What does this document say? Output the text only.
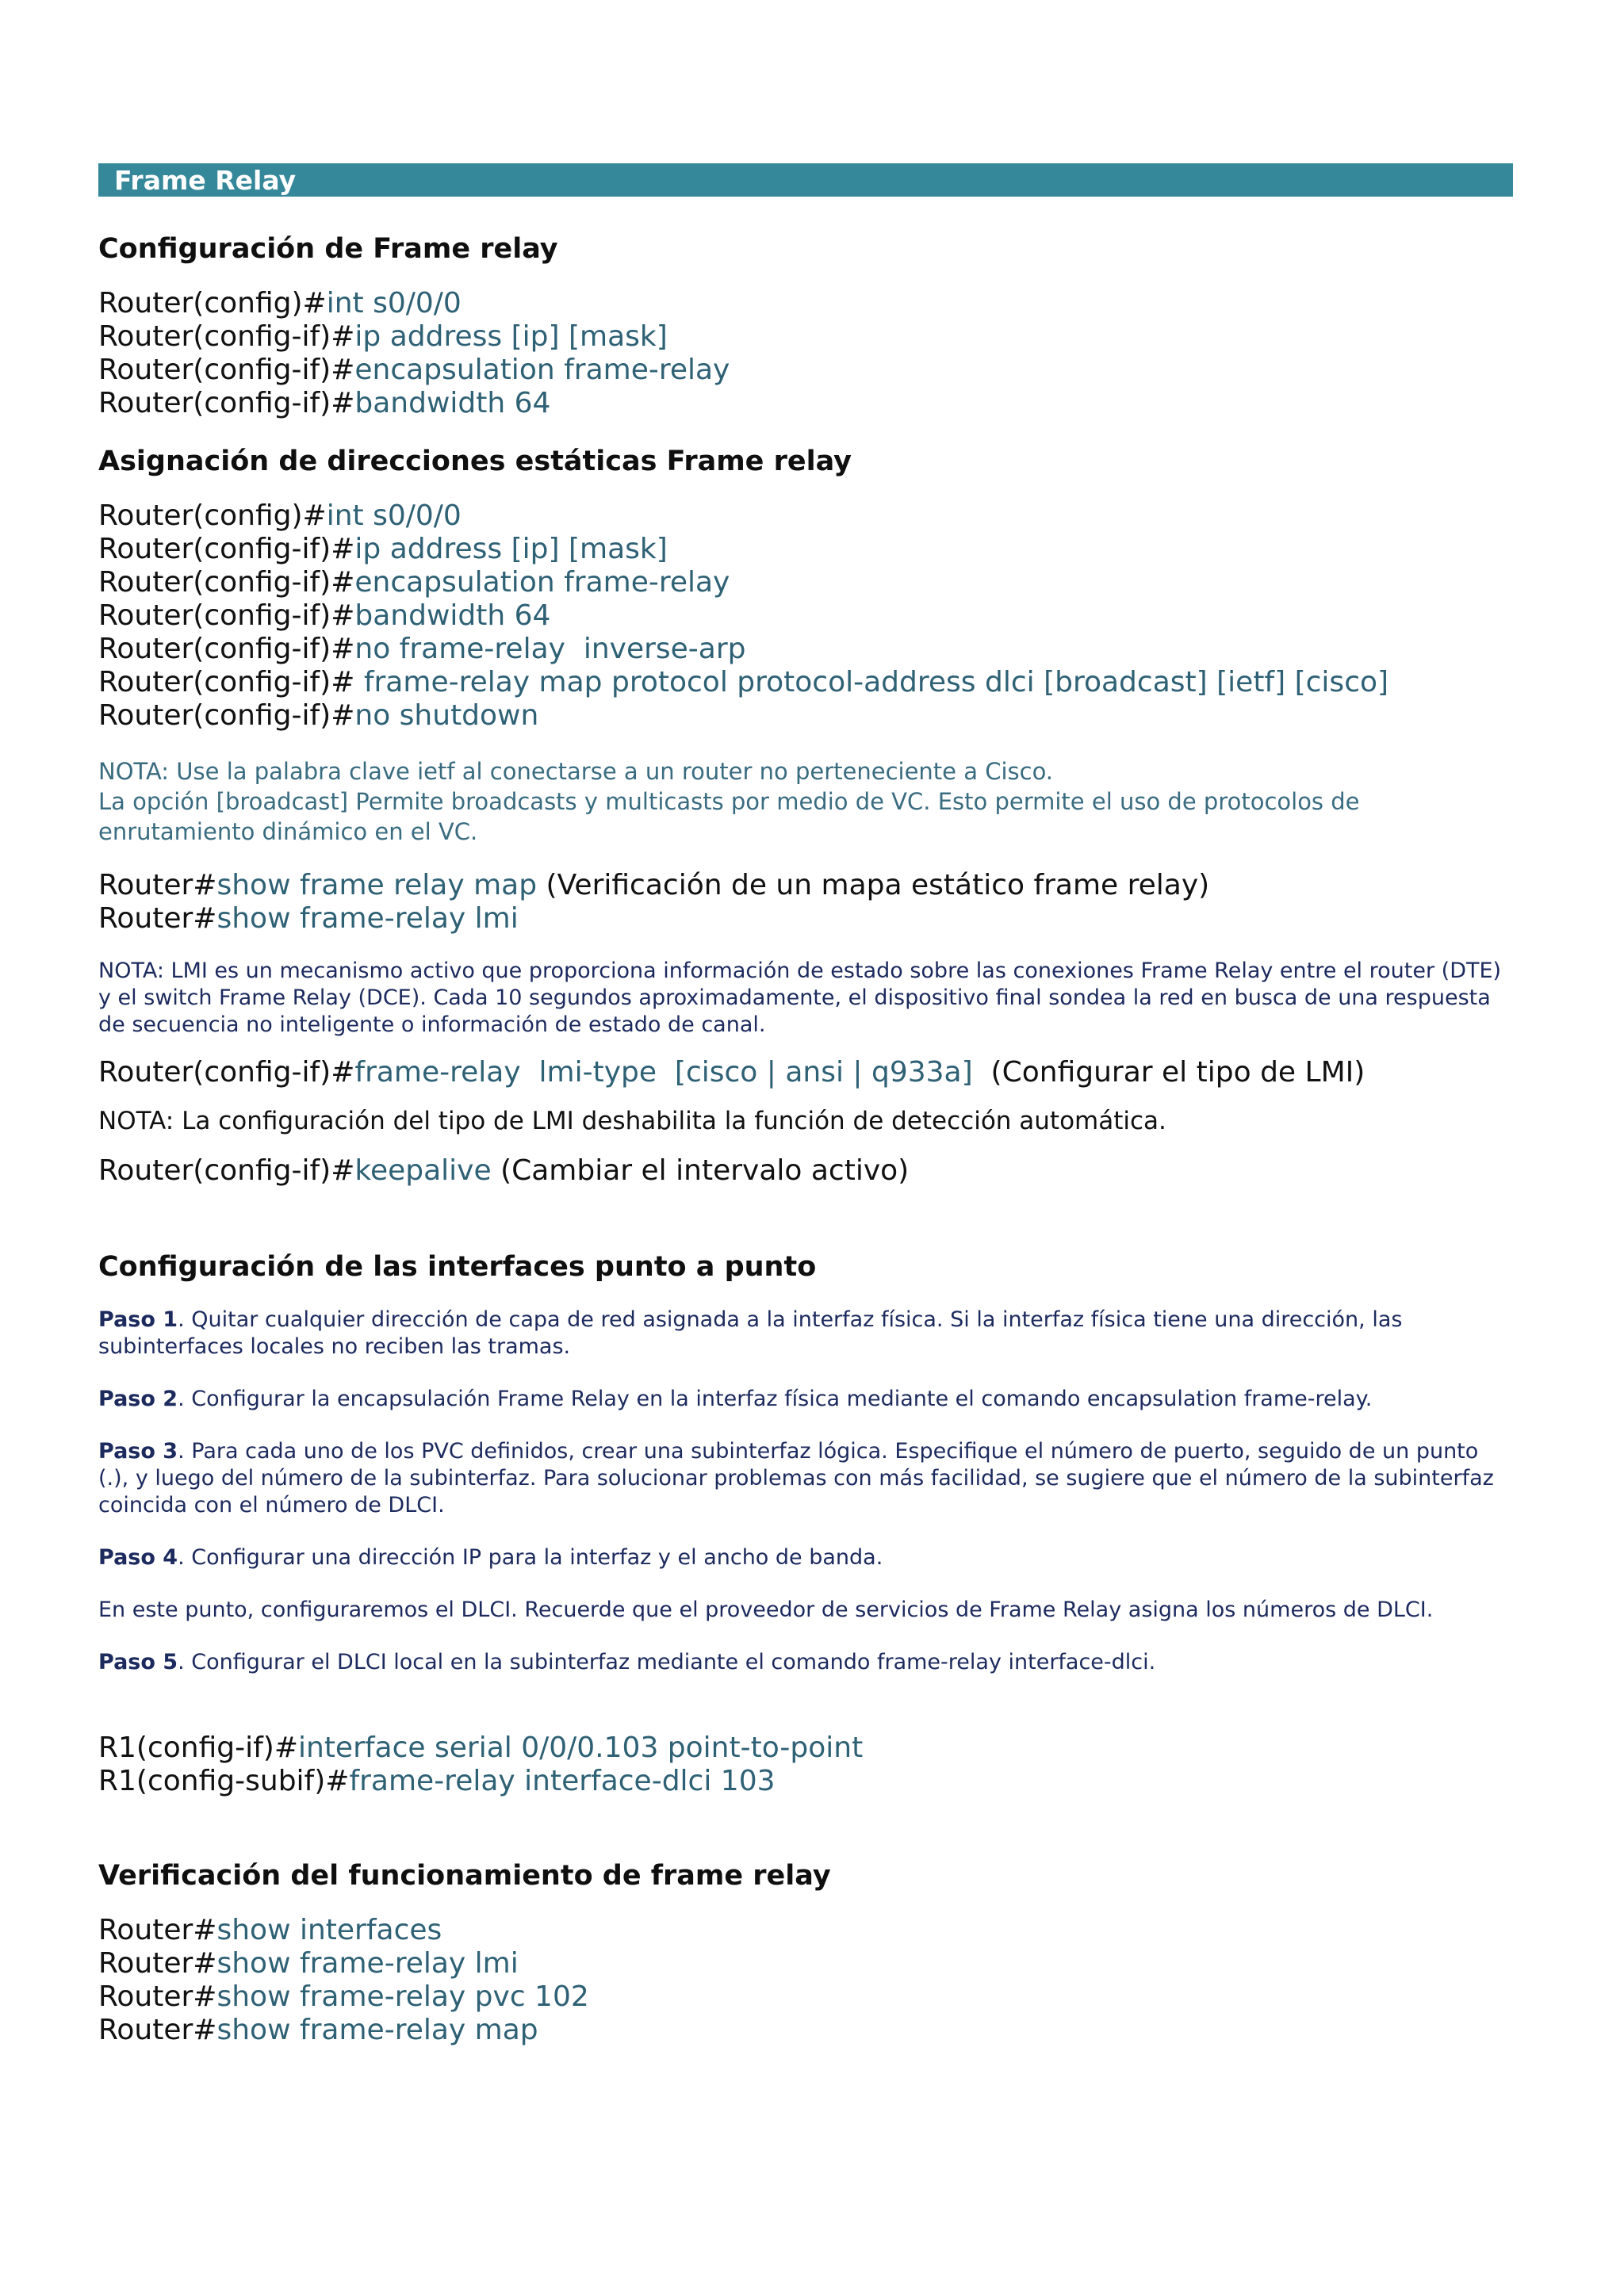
Frame Relay
Configuración de Frame relay
Router(config)#int s0/0/0
Router(config-if)#ip address [ip] [mask]
Router(config-if)#encapsulation frame-relay
Router(config-if)#bandwidth 64
Asignación de direcciones estáticas Frame relay
Router(config)#int s0/0/0
Router(config-if)#ip address [ip] [mask]
Router(config-if)#encapsulation frame-relay
Router(config-if)#bandwidth 64
Router(config-if)#no frame-relay  inverse-arp
Router(config-if)# frame-relay map protocol protocol-address dlci [broadcast] [ietf] [cisco]
Router(config-if)#no shutdown
NOTA: Use la palabra clave ietf al conectarse a un router no perteneciente a Cisco.
La opción [broadcast] Permite broadcasts y multicasts por medio de VC. Esto permite el uso de protocolos de enrutamiento dinámico en el VC.
Router#show frame relay map (Verificación de un mapa estático frame relay)
Router#show frame-relay lmi
NOTA: LMI es un mecanismo activo que proporciona información de estado sobre las conexiones Frame Relay entre el router (DTE) y el switch Frame Relay (DCE). Cada 10 segundos aproximadamente, el dispositivo final sondea la red en busca de una respuesta de secuencia no inteligente o información de estado de canal.
Router(config-if)#frame-relay  lmi-type  [cisco | ansi | q933a]  (Configurar el tipo de LMI)
NOTA: La configuración del tipo de LMI deshabilita la función de detección automática.
Router(config-if)#keepalive (Cambiar el intervalo activo)
Configuración de las interfaces punto a punto
Paso 1. Quitar cualquier dirección de capa de red asignada a la interfaz física. Si la interfaz física tiene una dirección, las subinterfaces locales no reciben las tramas.
Paso 2. Configurar la encapsulación Frame Relay en la interfaz física mediante el comando encapsulation frame-relay.
Paso 3. Para cada uno de los PVC definidos, crear una subinterfaz lógica. Especifique el número de puerto, seguido de un punto (.), y luego del número de la subinterfaz. Para solucionar problemas con más facilidad, se sugiere que el número de la subinterfaz coincida con el número de DLCI.
Paso 4. Configurar una dirección IP para la interfaz y el ancho de banda.
En este punto, configuraremos el DLCI. Recuerde que el proveedor de servicios de Frame Relay asigna los números de DLCI.
Paso 5. Configurar el DLCI local en la subinterfaz mediante el comando frame-relay interface-dlci.
R1(config-if)#interface serial 0/0/0.103 point-to-point
R1(config-subif)#frame-relay interface-dlci 103
Verificación del funcionamiento de frame relay
Router#show interfaces
Router#show frame-relay lmi
Router#show frame-relay pvc 102
Router#show frame-relay map
